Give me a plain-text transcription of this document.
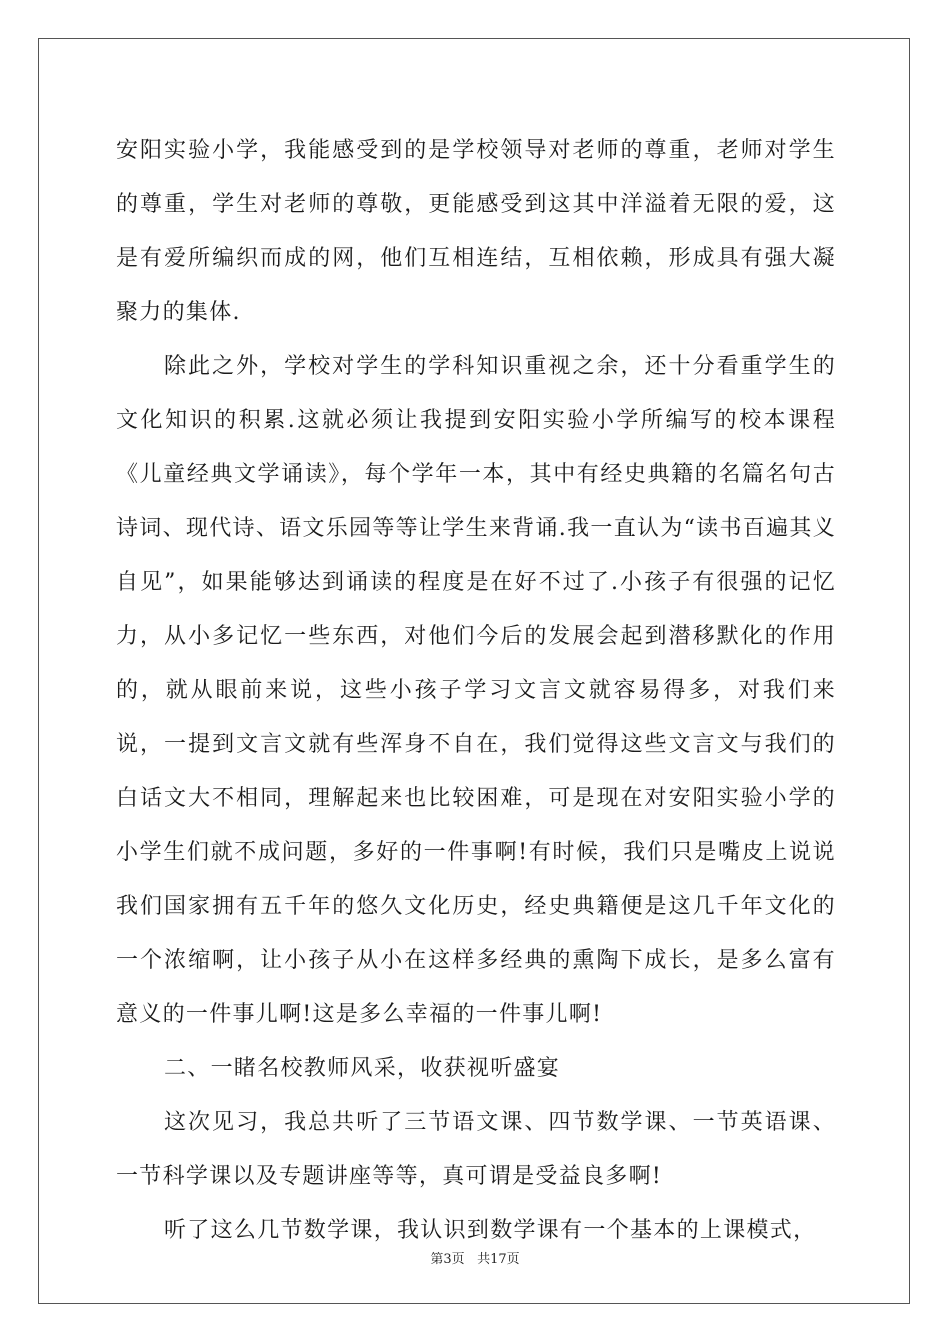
安阳实验小学，我能感受到的是学校领导对老师的尊重，老师对学生的尊重，学生对老师的尊敬，更能感受到这其中洋溢着无限的爱，这是有爱所编织而成的网，他们互相连结，互相依赖，形成具有强大凝聚力的集体.

除此之外，学校对学生的学科知识重视之余，还十分看重学生的文化知识的积累.这就必须让我提到安阳实验小学所编写的校本课程《儿童经典文学诵读》，每个学年一本，其中有经史典籍的名篇名句古诗词、现代诗、语文乐园等等让学生来背诵.我一直认为“读书百遍其义自见”，如果能够达到诵读的程度是在好不过了.小孩子有很强的记忆力，从小多记忆一些东西，对他们今后的发展会起到潜移默化的作用的，就从眼前来说，这些小孩子学习文言文就容易得多，对我们来说，一提到文言文就有些浑身不自在，我们觉得这些文言文与我们的白话文大不相同，理解起来也比较困难，可是现在对安阳实验小学的小学生们就不成问题，多好的一件事啊!有时候，我们只是嘴皮上说说我们国家拥有五千年的悠久文化历史，经史典籍便是这几千年文化的一个浓缩啊，让小孩子从小在这样多经典的熏陶下成长，是多么富有意义的一件事儿啊!这是多么幸福的一件事儿啊!

二、一睹名校教师风采，收获视听盛宴

这次见习，我总共听了三节语文课、四节数学课、一节英语课、一节科学课以及专题讲座等等，真可谓是受益良多啊!

听了这么几节数学课，我认识到数学课有一个基本的上课模式，

第3页 共17页
